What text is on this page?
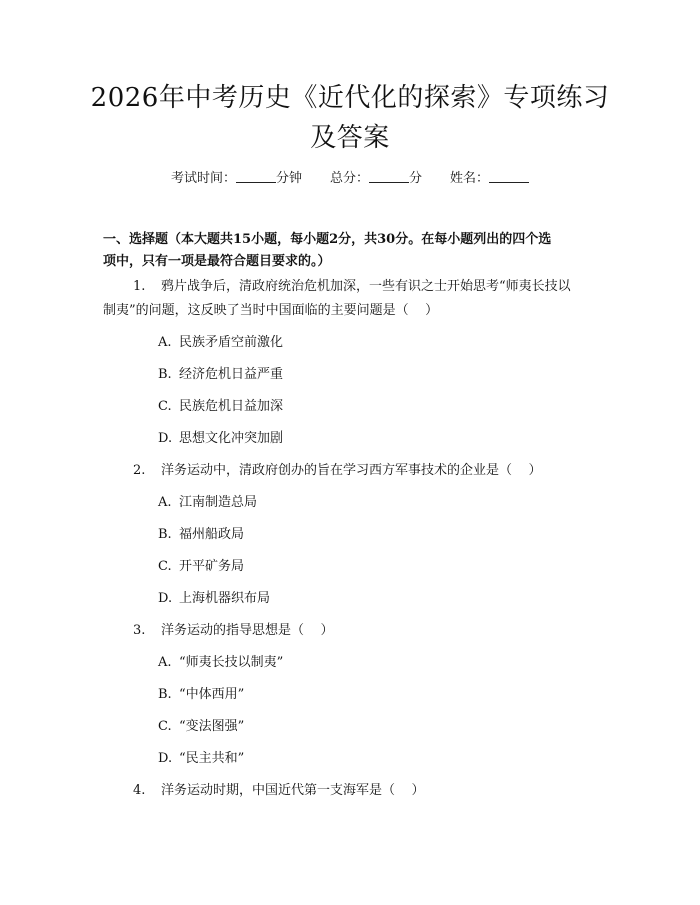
2026年中考历史《近代化的探索》专项练习
及答案
考试时间：	分钟 总分：	分 姓名：

一、选择题（本大题共15小题，每小题2分，共30分。在每小题列出的四个选

项中，只有一项是最符合题目要求的。）

1. 鸦片战争后，清政府统治危机加深，一些有识之士开始思考“师夷长技以
制夷”的问题，这反映了当时中国面临的主要问题是（    ）
A. 民族矛盾空前激化
B. 经济危机日益严重
C. 民族危机日益加深
D. 思想文化冲突加剧
2. 洋务运动中，清政府创办的旨在学习西方军事技术的企业是（    ）
A. 江南制造总局
B. 福州船政局
C. 开平矿务局
D. 上海机器织布局
3. 洋务运动的指导思想是（    ）
A. “师夷长技以制夷”
B. “中体西用”
C. “变法图强”
D. “民主共和”
4. 洋务运动时期，中国近代第一支海军是（    ）
